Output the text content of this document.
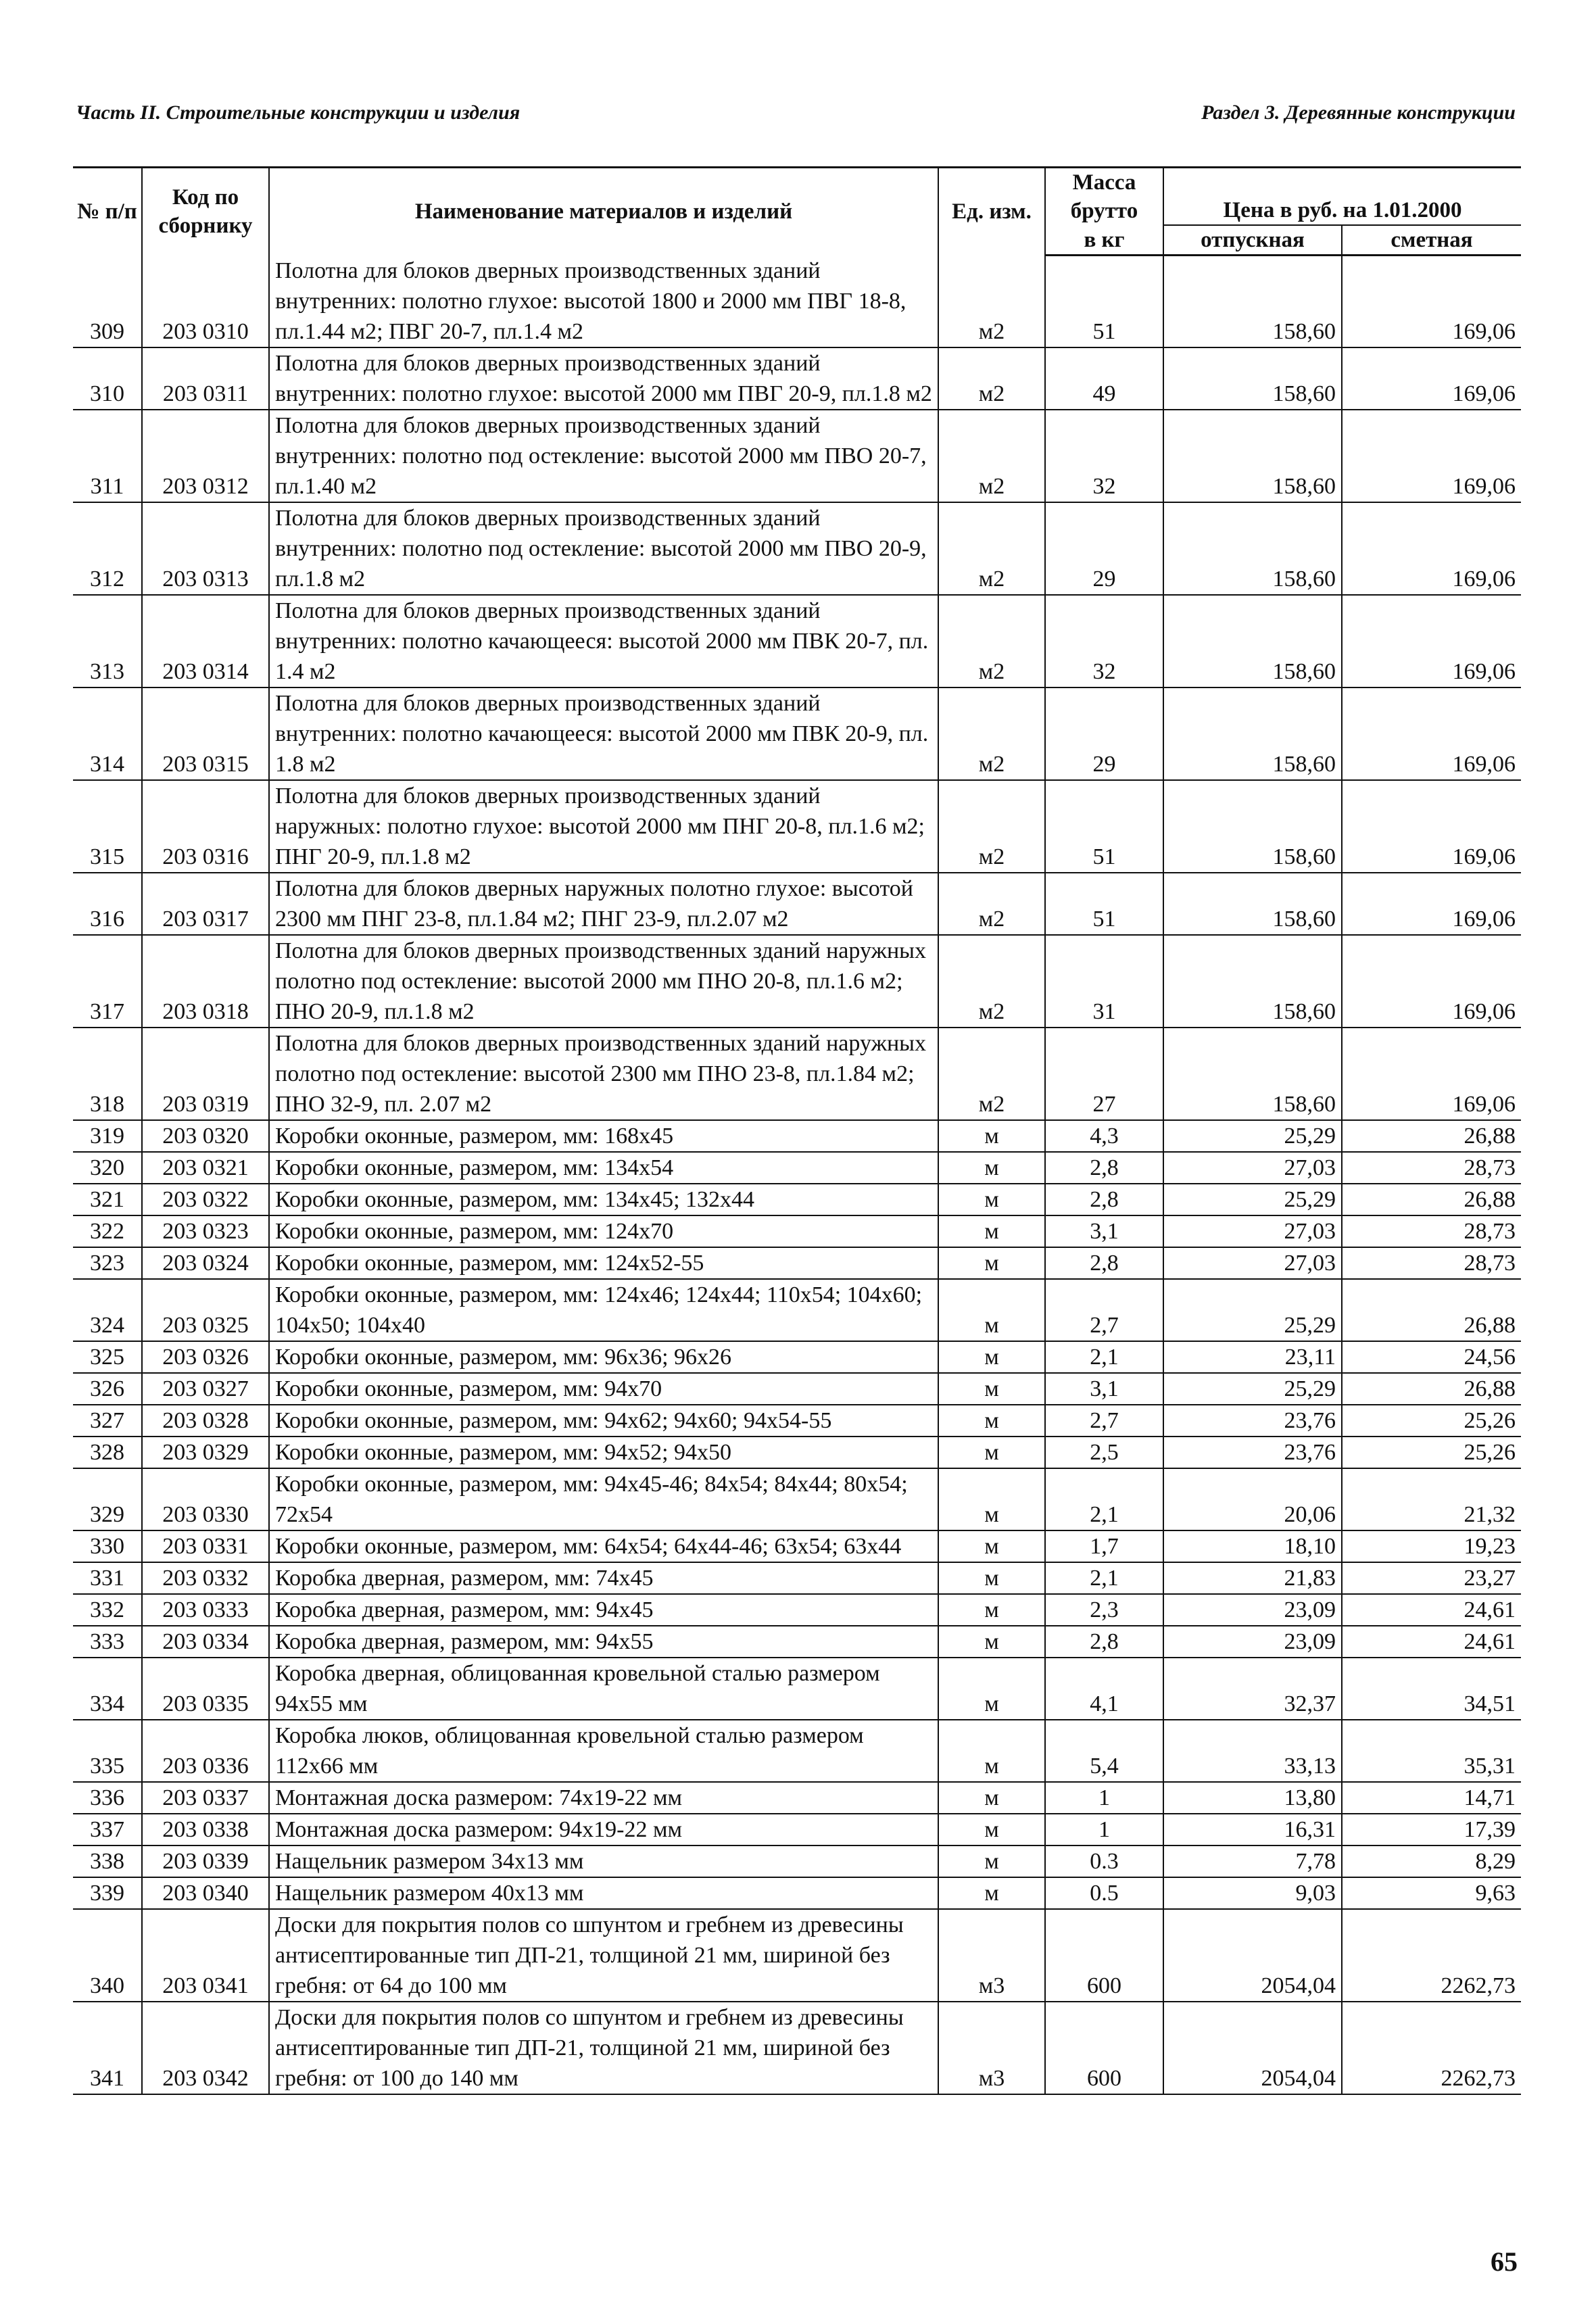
Часть II. Строительные конструкции и изделия	Раздел 3. Деревянные конструкции
№ п/п	Код по сборнику	Наименование материалов и изделий	Ед. изм.	Масса	Цена в руб. на 1.01.2000	
				брутто		
				в кг	отпускная	сметная
309	203 0310	Полотна для блоков дверных производственных зданий внутренних: полотно глухое: высотой 1800 и 2000 мм ПВГ 18-8, пл.1.44 м2; ПВГ 20-7, пл.1.4 м2	м2	51	158,60	169,06
310	203 0311	Полотна для блоков дверных производственных зданий внутренних: полотно глухое: высотой 2000 мм ПВГ 20-9, пл.1.8 м2	м2	49	158,60	169,06
311	203 0312	Полотна для блоков дверных производственных зданий внутренних: полотно под остекление: высотой 2000 мм ПВО 20-7, пл.1.40 м2	м2	32	158,60	169,06
312	203 0313	Полотна для блоков дверных производственных зданий внутренних: полотно под остекление: высотой 2000 мм ПВО 20-9, пл.1.8 м2	м2	29	158,60	169,06
313	203 0314	Полотна для блоков дверных производственных зданий внутренних: полотно качающееся: высотой 2000 мм ПВК 20-7, пл. 1.4 м2	м2	32	158,60	169,06
314	203 0315	Полотна для блоков дверных производственных зданий внутренних: полотно качающееся: высотой 2000 мм ПВК 20-9, пл. 1.8 м2	м2	29	158,60	169,06
315	203 0316	Полотна для блоков дверных производственных зданий наружных: полотно глухое: высотой 2000 мм ПНГ 20-8, пл.1.6 м2; ПНГ 20-9, пл.1.8 м2	м2	51	158,60	169,06
316	203 0317	Полотна для блоков дверных наружных полотно глухое: высотой 2300 мм ПНГ 23-8, пл.1.84 м2; ПНГ 23-9, пл.2.07 м2	м2	51	158,60	169,06
317	203 0318	Полотна для блоков дверных производственных зданий наружных полотно под остекление: высотой 2000 мм ПНО 20-8, пл.1.6 м2; ПНО 20-9, пл.1.8 м2	м2	31	158,60	169,06
318	203 0319	Полотна для блоков дверных производственных зданий наружных полотно под остекление: высотой 2300 мм ПНО 23-8, пл.1.84 м2; ПНО 32-9, пл. 2.07 м2	м2	27	158,60	169,06
319	203 0320	Коробки оконные, размером, мм: 168х45	м	4,3	25,29	26,88
320	203 0321	Коробки оконные, размером, мм: 134х54	м	2,8	27,03	28,73
321	203 0322	Коробки оконные, размером, мм: 134х45; 132х44	м	2,8	25,29	26,88
322	203 0323	Коробки оконные, размером, мм: 124х70	м	3,1	27,03	28,73
323	203 0324	Коробки оконные, размером, мм: 124х52-55	м	2,8	27,03	28,73
324	203 0325	Коробки оконные, размером, мм: 124х46; 124х44; 110х54; 104х60; 104х50; 104х40	м	2,7	25,29	26,88
325	203 0326	Коробки оконные, размером, мм: 96х36; 96х26	м	2,1	23,11	24,56
326	203 0327	Коробки оконные, размером, мм: 94х70	м	3,1	25,29	26,88
327	203 0328	Коробки оконные, размером, мм: 94х62; 94х60; 94х54-55	м	2,7	23,76	25,26
328	203 0329	Коробки оконные, размером, мм: 94х52; 94х50	м	2,5	23,76	25,26
329	203 0330	Коробки оконные, размером, мм: 94х45-46; 84х54; 84х44; 80х54; 72х54	м	2,1	20,06	21,32
330	203 0331	Коробки оконные, размером, мм: 64х54; 64х44-46; 63х54; 63х44	м	1,7	18,10	19,23
331	203 0332	Коробка дверная, размером, мм: 74х45	м	2,1	21,83	23,27
332	203 0333	Коробка дверная, размером, мм: 94х45	м	2,3	23,09	24,61
333	203 0334	Коробка дверная, размером, мм: 94х55	м	2,8	23,09	24,61
334	203 0335	Коробка дверная, облицованная кровельной сталью размером 94х55 мм	м	4,1	32,37	34,51
335	203 0336	Коробка люков, облицованная кровельной сталью размером 112х66 мм	м	5,4	33,13	35,31
336	203 0337	Монтажная доска размером: 74х19-22 мм	м	1	13,80	14,71
337	203 0338	Монтажная доска размером: 94х19-22 мм	м	1	16,31	17,39
338	203 0339	Нащельник размером 34х13 мм	м	0.3	7,78	8,29
339	203 0340	Нащельник размером 40х13 мм	м	0.5	9,03	9,63
340	203 0341	Доски для покрытия полов со шпунтом и гребнем из древесины антисептированные тип ДП-21, толщиной 21 мм, шириной без гребня: от 64 до 100 мм	м3	600	2054,04	2262,73
341	203 0342	Доски для покрытия полов со шпунтом и гребнем из древесины антисептированные тип ДП-21, толщиной 21 мм, шириной без гребня: от 100 до 140 мм	м3	600	2054,04	2262,73
65
